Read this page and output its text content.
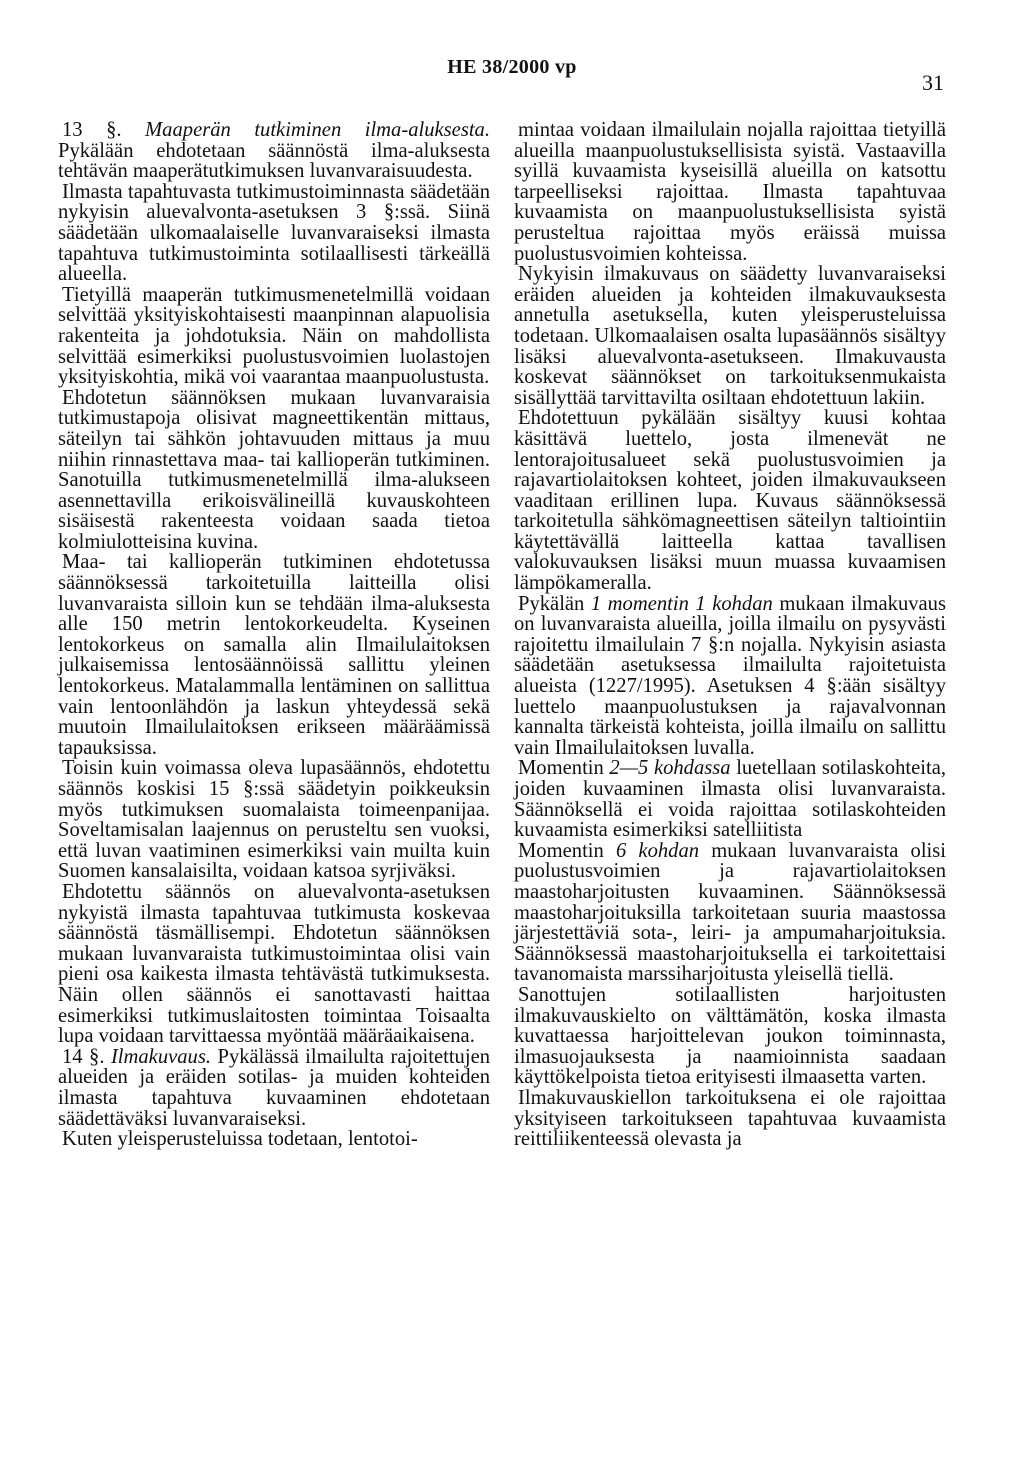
HE 38/2000 vp
31

13 §. Maaperän tutkiminen ilma-aluksesta. Pykälään ehdotetaan säännöstä ilma-aluksesta tehtävän maaperätutkimuksen luvanvaraisuudesta.

Ilmasta tapahtuvasta tutkimustoiminnasta säädetään nykyisin aluevalvonta-asetuksen 3 §:ssä. Siinä säädetään ulkomaalaiselle luvanvaraiseksi ilmasta tapahtuva tutkimustoiminta sotilaallisesti tärkeällä alueella.

Tietyillä maaperän tutkimusmenetelmillä voidaan selvittää yksityiskohtaisesti maanpinnan alapuolisia rakenteita ja johdotuksia. Näin on mahdollista selvittää esimerkiksi puolustusvoimien luolastojen yksityiskohtia, mikä voi vaarantaa maanpuolustusta.

Ehdotetun säännöksen mukaan luvanvaraisia tutkimustapoja olisivat magneettikentän mittaus, säteilyn tai sähkön johtavuuden mittaus ja muu niihin rinnastettava maa- tai kallioperän tutkiminen. Sanotuilla tutkimusmenetelmillä ilma-alukseen asennettavilla erikoisvälineillä kuvauskohteen sisäisestä rakenteesta voidaan saada tietoa kolmiulotteisina kuvina.

Maa- tai kallioperän tutkiminen ehdotetussa säännöksessä tarkoitetuilla laitteilla olisi luvanvaraista silloin kun se tehdään ilma-aluksesta alle 150 metrin lentokorkeudelta. Kyseinen lentokorkeus on samalla alin Ilmailulaitoksen julkaisemissa lentosäännöissä sallittu yleinen lentokorkeus. Matalammalla lentäminen on sallittua vain lentoonlähdön ja laskun yhteydessä sekä muutoin Ilmailulaitoksen erikseen määräämissä tapauksissa.

Toisin kuin voimassa oleva lupasäännös, ehdotettu säännös koskisi 15 §:ssä säädetyin poikkeuksin myös tutkimuksen suomalaista toimeenpanijaa. Soveltamisalan laajennus on perusteltu sen vuoksi, että luvan vaatiminen esimerkiksi vain muilta kuin Suomen kansalaisilta, voidaan katsoa syrjiväksi.

Ehdotettu säännös on aluevalvonta-asetuksen nykyistä ilmasta tapahtuvaa tutkimusta koskevaa säännöstä täsmällisempi. Ehdotetun säännöksen mukaan luvanvaraista tutkimustoimintaa olisi vain pieni osa kaikesta ilmasta tehtävästä tutkimuksesta. Näin ollen säännös ei sanottavasti haittaa esimerkiksi tutkimuslaitosten toimintaa Toisaalta lupa voidaan tarvittaessa myöntää määräaikaisena.

14 §. Ilmakuvaus. Pykälässä ilmailulta rajoitettujen alueiden ja eräiden sotilas- ja muiden kohteiden ilmasta tapahtuva kuvaaminen ehdotetaan säädettäväksi luvanvaraiseksi.

Kuten yleisperusteluissa todetaan, lentotoi-

mintaa voidaan ilmailulain nojalla rajoittaa tietyillä alueilla maanpuolustuksellisista syistä. Vastaavilla syillä kuvaamista kyseisillä alueilla on katsottu tarpeelliseksi rajoittaa. Ilmasta tapahtuvaa kuvaamista on maanpuolustuksellisista syistä perusteltua rajoittaa myös eräissä muissa puolustusvoimien kohteissa.

Nykyisin ilmakuvaus on säädetty luvanvaraiseksi eräiden alueiden ja kohteiden ilmakuvauksesta annetulla asetuksella, kuten yleisperusteluissa todetaan. Ulkomaalaisen osalta lupasäännös sisältyy lisäksi aluevalvonta-asetukseen. Ilmakuvausta koskevat säännökset on tarkoituksenmukaista sisällyttää tarvittavilta osiltaan ehdotettuun lakiin.

Ehdotettuun pykälään sisältyy kuusi kohtaa käsittävä luettelo, josta ilmenevät ne lentorajoitusalueet sekä puolustusvoimien ja rajavartiolaitoksen kohteet, joiden ilmakuvaukseen vaaditaan erillinen lupa. Kuvaus säännöksessä tarkoitetulla sähkömagneettisen säteilyn taltiointiin käytettävällä laitteella kattaa tavallisen valokuvauksen lisäksi muun muassa kuvaamisen lämpökameralla.

Pykälän 1 momentin 1 kohdan mukaan ilmakuvaus on luvanvaraista alueilla, joilla ilmailu on pysyvästi rajoitettu ilmailulain 7 §:n nojalla. Nykyisin asiasta säädetään asetuksessa ilmailulta rajoitetuista alueista (1227/1995). Asetuksen 4 §:ään sisältyy luettelo maanpuolustuksen ja rajavalvonnan kannalta tärkeistä kohteista, joilla ilmailu on sallittu vain Ilmailulaitoksen luvalla.

Momentin 2—5 kohdassa luetellaan sotilaskohteita, joiden kuvaaminen ilmasta olisi luvanvaraista. Säännöksellä ei voida rajoittaa sotilaskohteiden kuvaamista esimerkiksi satelliitista

Momentin 6 kohdan mukaan luvanvaraista olisi puolustusvoimien ja rajavartiolaitoksen maastoharjoitusten kuvaaminen. Säännöksessä maastoharjoituksilla tarkoitetaan suuria maastossa järjestettäviä sota-, leiri- ja ampumaharjoituksia. Säännöksessä maastoharjoituksella ei tarkoitettaisi tavanomaista marssiharjoitusta yleisellä tiellä.

Sanottujen sotilaallisten harjoitusten ilmakuvauskielto on välttämätön, koska ilmasta kuvattaessa harjoittelevan joukon toiminnasta, ilmasuojauksesta ja naamioinnista saadaan käyttökelpoista tietoa erityisesti ilmaasetta varten.

Ilmakuvauskiellon tarkoituksena ei ole rajoittaa yksityiseen tarkoitukseen tapahtuvaa kuvaamista reittiliikenteessä olevasta ja
